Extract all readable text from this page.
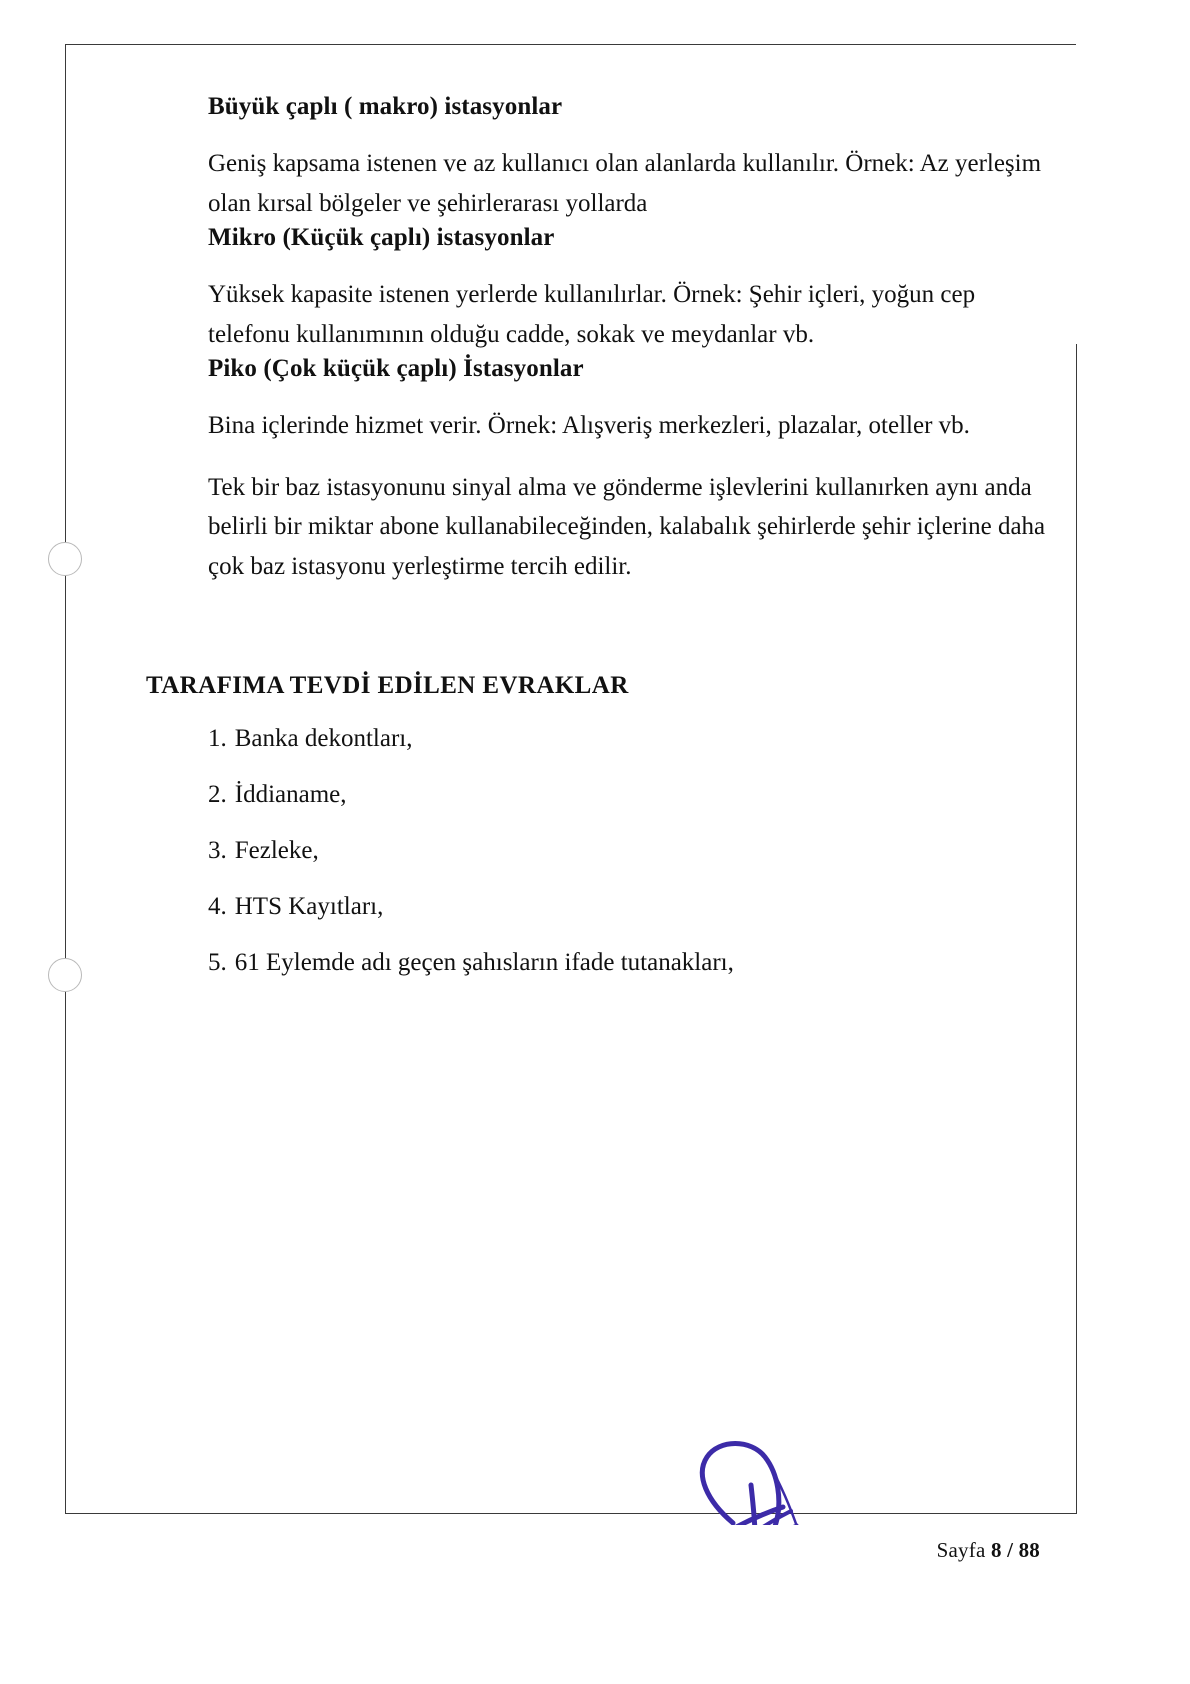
Büyük çaplı ( makro) istasyonlar

Geniş kapsama istenen ve az kullanıcı olan alanlarda kullanılır. Örnek: Az yerleşim olan kırsal bölgeler ve şehirlerarası yollarda

Mikro (Küçük çaplı) istasyonlar

Yüksek kapasite istenen yerlerde kullanılırlar. Örnek: Şehir içleri, yoğun cep telefonu kullanımının olduğu cadde, sokak ve meydanlar vb.

Piko (Çok küçük çaplı) İstasyonlar

Bina içlerinde hizmet verir. Örnek: Alışveriş merkezleri, plazalar, oteller vb.

Tek bir baz istasyonunu sinyal alma ve gönderme işlevlerini kullanırken aynı anda belirli bir miktar abone kullanabileceğinden, kalabalık şehirlerde şehir içlerine daha çok baz istasyonu yerleştirme tercih edilir.

TARAFIMA TEVDİ EDİLEN EVRAKLAR
1. Banka dekontları,
2. İddianame,
3. Fezleke,
4. HTS Kayıtları,
5. 61 Eylemde adı geçen şahısların ifade tutanakları,
Sayfa 8 / 88
